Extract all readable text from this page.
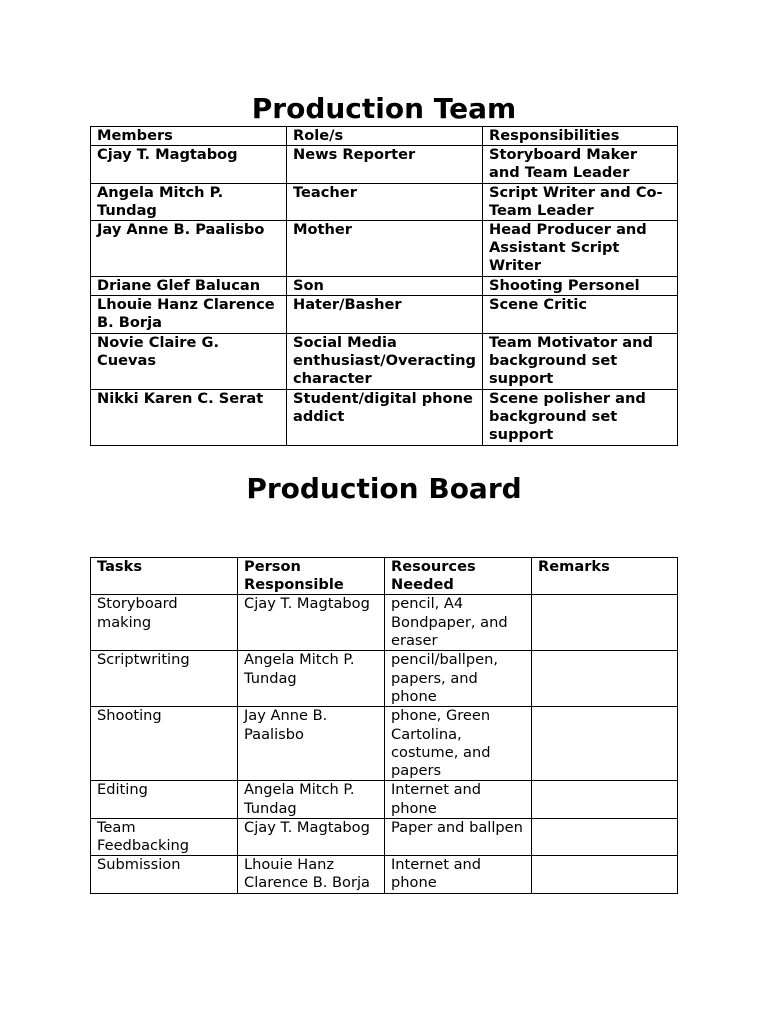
Production Team
Members	Role/s	Responsibilities
Cjay T. Magtabog	News Reporter	Storyboard Maker and Team Leader
Angela Mitch P. Tundag	Teacher	Script Writer and Co-Team Leader
Jay Anne B. Paalisbo	Mother	Head Producer and Assistant Script Writer
Driane Glef Balucan	Son	Shooting Personel
Lhouie Hanz Clarence B. Borja	Hater/Basher	Scene Critic
Novie Claire G. Cuevas	Social Media enthusiast/Overacting character	Team Motivator and background set support
Nikki Karen C. Serat	Student/digital phone addict	Scene polisher and background set support
Production Board
Tasks	Person Responsible	Resources Needed	Remarks
Storyboard making	Cjay T. Magtabog	pencil, A4 Bondpaper, and eraser	
Scriptwriting	Angela Mitch P. Tundag	pencil/ballpen, papers, and phone	
Shooting	Jay Anne B. Paalisbo	phone, Green Cartolina, costume, and papers	
Editing	Angela Mitch P. Tundag	Internet and phone	
Team Feedbacking	Cjay T. Magtabog	Paper and ballpen	
Submission	Lhouie Hanz Clarence B. Borja	Internet and phone	
